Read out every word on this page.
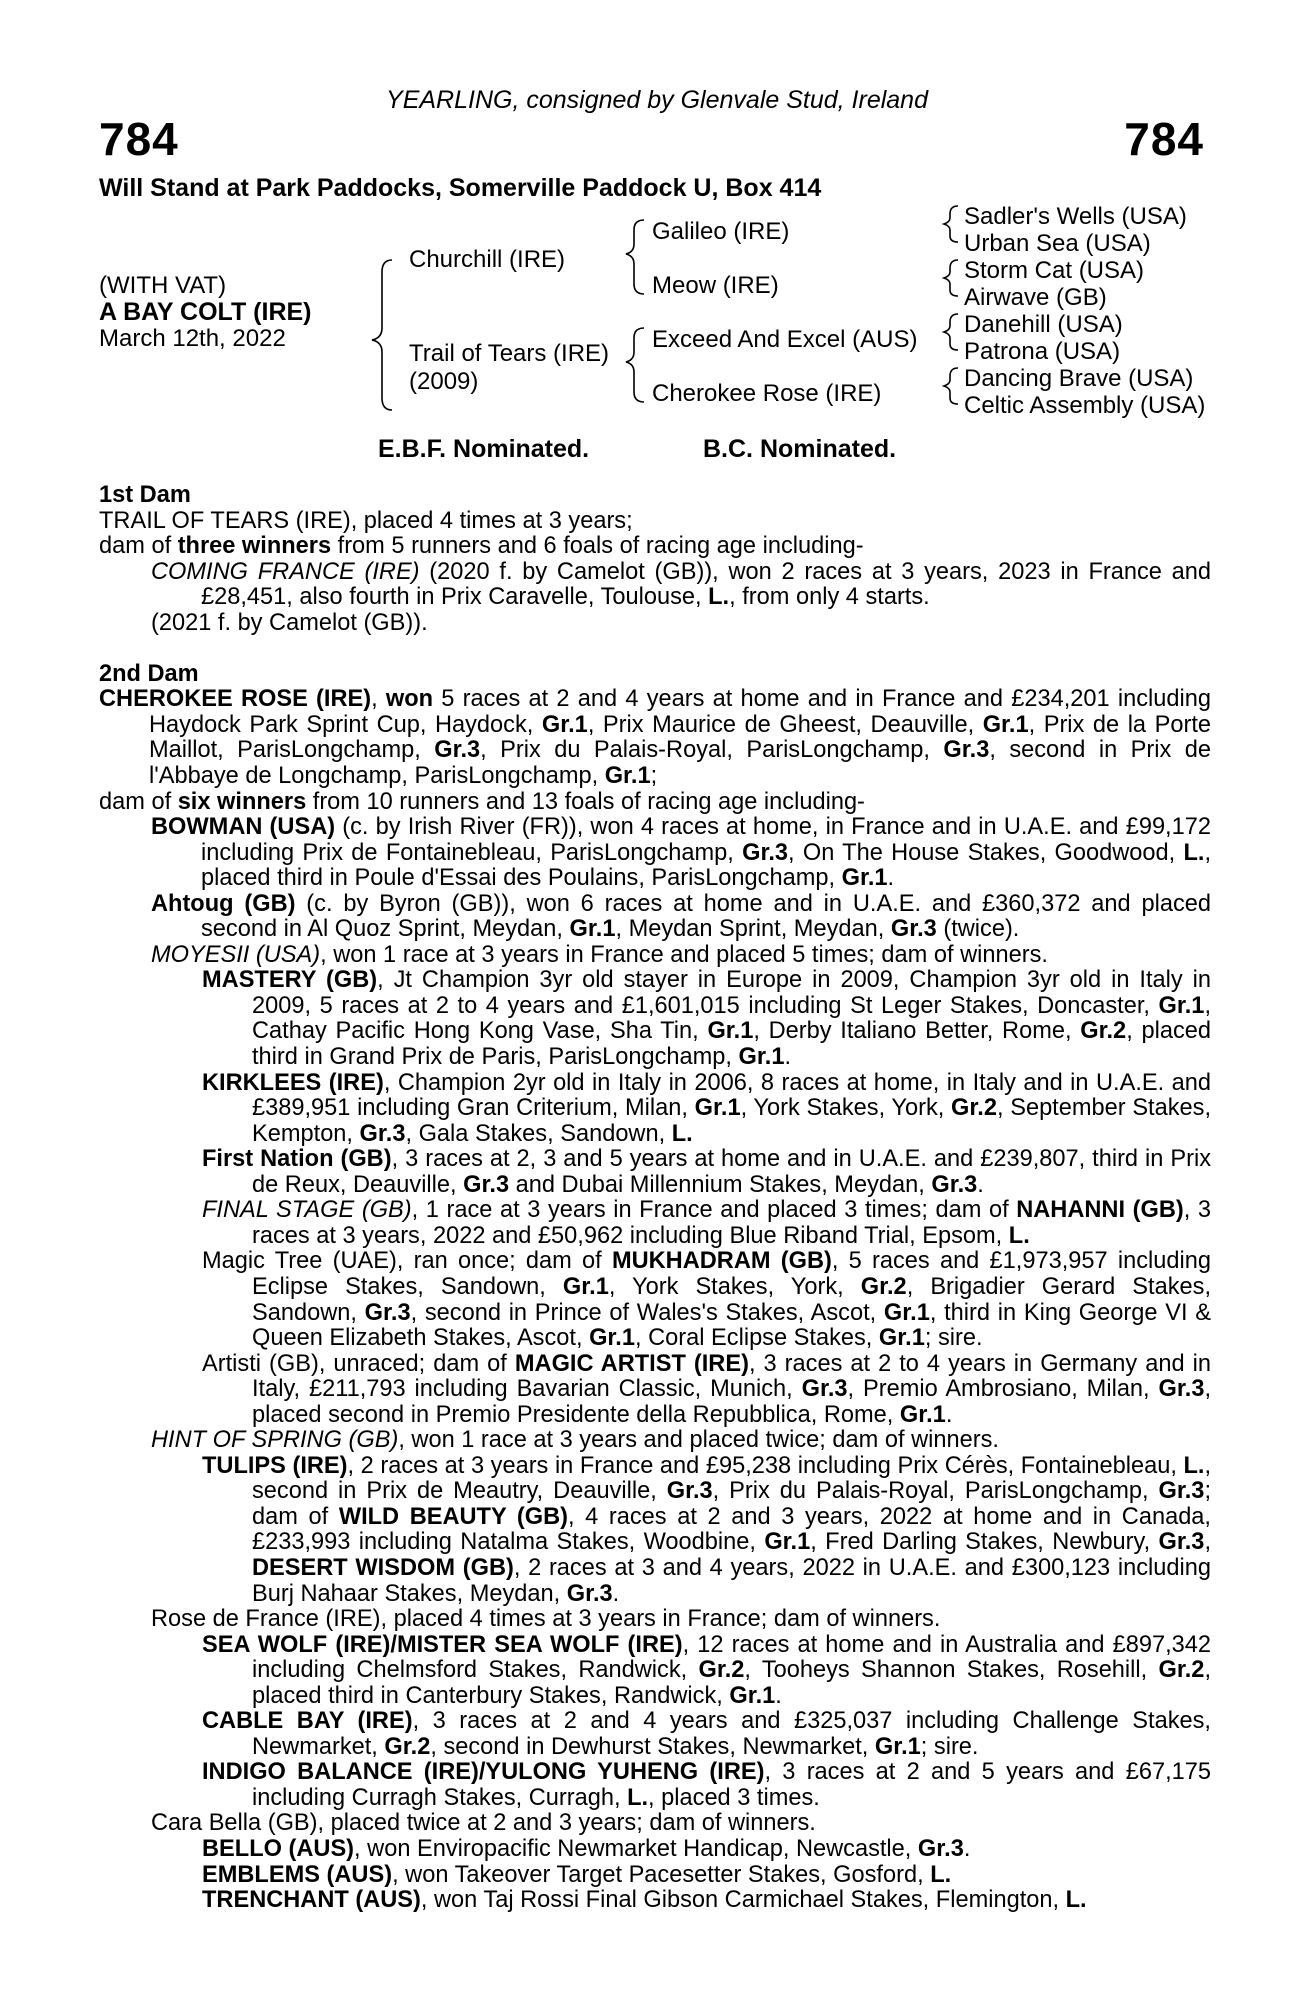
YEARLING, consigned by Glenvale Stud, Ireland
784	784
Will Stand at Park Paddocks, Somerville Paddock U, Box 414
(WITH VAT)
A BAY COLT (IRE)
March 12th, 2022
Churchill (IRE)
Trail of Tears (IRE)
(2009)
Galileo (IRE)
Meow (IRE)
Exceed And Excel (AUS)
Cherokee Rose (IRE)
Sadler's Wells (USA)
Urban Sea (USA)
Storm Cat (USA)
Airwave (GB)
Danehill (USA)
Patrona (USA)
Dancing Brave (USA)
Celtic Assembly (USA)
E.B.F. Nominated.	B.C. Nominated.

1st Dam

TRAIL OF TEARS (IRE), placed 4 times at 3 years;

dam of three winners from 5 runners and 6 foals of racing age including-

COMING FRANCE (IRE) (2020 f. by Camelot (GB)), won 2 races at 3 years, 2023 in France and £28,451, also fourth in Prix Caravelle, Toulouse, L., from only 4 starts.

(2021 f. by Camelot (GB)).

2nd Dam

CHEROKEE ROSE (IRE), won 5 races at 2 and 4 years at home and in France and £234,201 including Haydock Park Sprint Cup, Haydock, Gr.1, Prix Maurice de Gheest, Deauville, Gr.1, Prix de la Porte Maillot, ParisLongchamp, Gr.3, Prix du Palais-Royal, ParisLongchamp, Gr.3, second in Prix de l'Abbaye de Longchamp, ParisLongchamp, Gr.1;

dam of six winners from 10 runners and 13 foals of racing age including-

BOWMAN (USA) (c. by Irish River (FR)), won 4 races at home, in France and in U.A.E. and £99,172 including Prix de Fontainebleau, ParisLongchamp, Gr.3, On The House Stakes, Goodwood, L., placed third in Poule d'Essai des Poulains, ParisLongchamp, Gr.1.

Ahtoug (GB) (c. by Byron (GB)), won 6 races at home and in U.A.E. and £360,372 and placed second in Al Quoz Sprint, Meydan, Gr.1, Meydan Sprint, Meydan, Gr.3 (twice).

MOYESII (USA), won 1 race at 3 years in France and placed 5 times; dam of winners.

MASTERY (GB), Jt Champion 3yr old stayer in Europe in 2009, Champion 3yr old in Italy in 2009, 5 races at 2 to 4 years and £1,601,015 including St Leger Stakes, Doncaster, Gr.1, Cathay Pacific Hong Kong Vase, Sha Tin, Gr.1, Derby Italiano Better, Rome, Gr.2, placed third in Grand Prix de Paris, ParisLongchamp, Gr.1.

KIRKLEES (IRE), Champion 2yr old in Italy in 2006, 8 races at home, in Italy and in U.A.E. and £389,951 including Gran Criterium, Milan, Gr.1, York Stakes, York, Gr.2, September Stakes, Kempton, Gr.3, Gala Stakes, Sandown, L.

First Nation (GB), 3 races at 2, 3 and 5 years at home and in U.A.E. and £239,807, third in Prix de Reux, Deauville, Gr.3 and Dubai Millennium Stakes, Meydan, Gr.3.

FINAL STAGE (GB), 1 race at 3 years in France and placed 3 times; dam of NAHANNI (GB), 3 races at 3 years, 2022 and £50,962 including Blue Riband Trial, Epsom, L.

Magic Tree (UAE), ran once; dam of MUKHADRAM (GB), 5 races and £1,973,957 including Eclipse Stakes, Sandown, Gr.1, York Stakes, York, Gr.2, Brigadier Gerard Stakes, Sandown, Gr.3, second in Prince of Wales's Stakes, Ascot, Gr.1, third in King George VI & Queen Elizabeth Stakes, Ascot, Gr.1, Coral Eclipse Stakes, Gr.1; sire.

Artisti (GB), unraced; dam of MAGIC ARTIST (IRE), 3 races at 2 to 4 years in Germany and in Italy, £211,793 including Bavarian Classic, Munich, Gr.3, Premio Ambrosiano, Milan, Gr.3, placed second in Premio Presidente della Repubblica, Rome, Gr.1.

HINT OF SPRING (GB), won 1 race at 3 years and placed twice; dam of winners.

TULIPS (IRE), 2 races at 3 years in France and £95,238 including Prix Cérès, Fontainebleau, L., second in Prix de Meautry, Deauville, Gr.3, Prix du Palais-Royal, ParisLongchamp, Gr.3; dam of WILD BEAUTY (GB), 4 races at 2 and 3 years, 2022 at home and in Canada, £233,993 including Natalma Stakes, Woodbine, Gr.1, Fred Darling Stakes, Newbury, Gr.3, DESERT WISDOM (GB), 2 races at 3 and 4 years, 2022 in U.A.E. and £300,123 including Burj Nahaar Stakes, Meydan, Gr.3.

Rose de France (IRE), placed 4 times at 3 years in France; dam of winners.

SEA WOLF (IRE)/MISTER SEA WOLF (IRE), 12 races at home and in Australia and £897,342 including Chelmsford Stakes, Randwick, Gr.2, Tooheys Shannon Stakes, Rosehill, Gr.2, placed third in Canterbury Stakes, Randwick, Gr.1.

CABLE BAY (IRE), 3 races at 2 and 4 years and £325,037 including Challenge Stakes, Newmarket, Gr.2, second in Dewhurst Stakes, Newmarket, Gr.1; sire.

INDIGO BALANCE (IRE)/YULONG YUHENG (IRE), 3 races at 2 and 5 years and £67,175 including Curragh Stakes, Curragh, L., placed 3 times.

Cara Bella (GB), placed twice at 2 and 3 years; dam of winners.

BELLO (AUS), won Enviropacific Newmarket Handicap, Newcastle, Gr.3.

EMBLEMS (AUS), won Takeover Target Pacesetter Stakes, Gosford, L.

TRENCHANT (AUS), won Taj Rossi Final Gibson Carmichael Stakes, Flemington, L.
